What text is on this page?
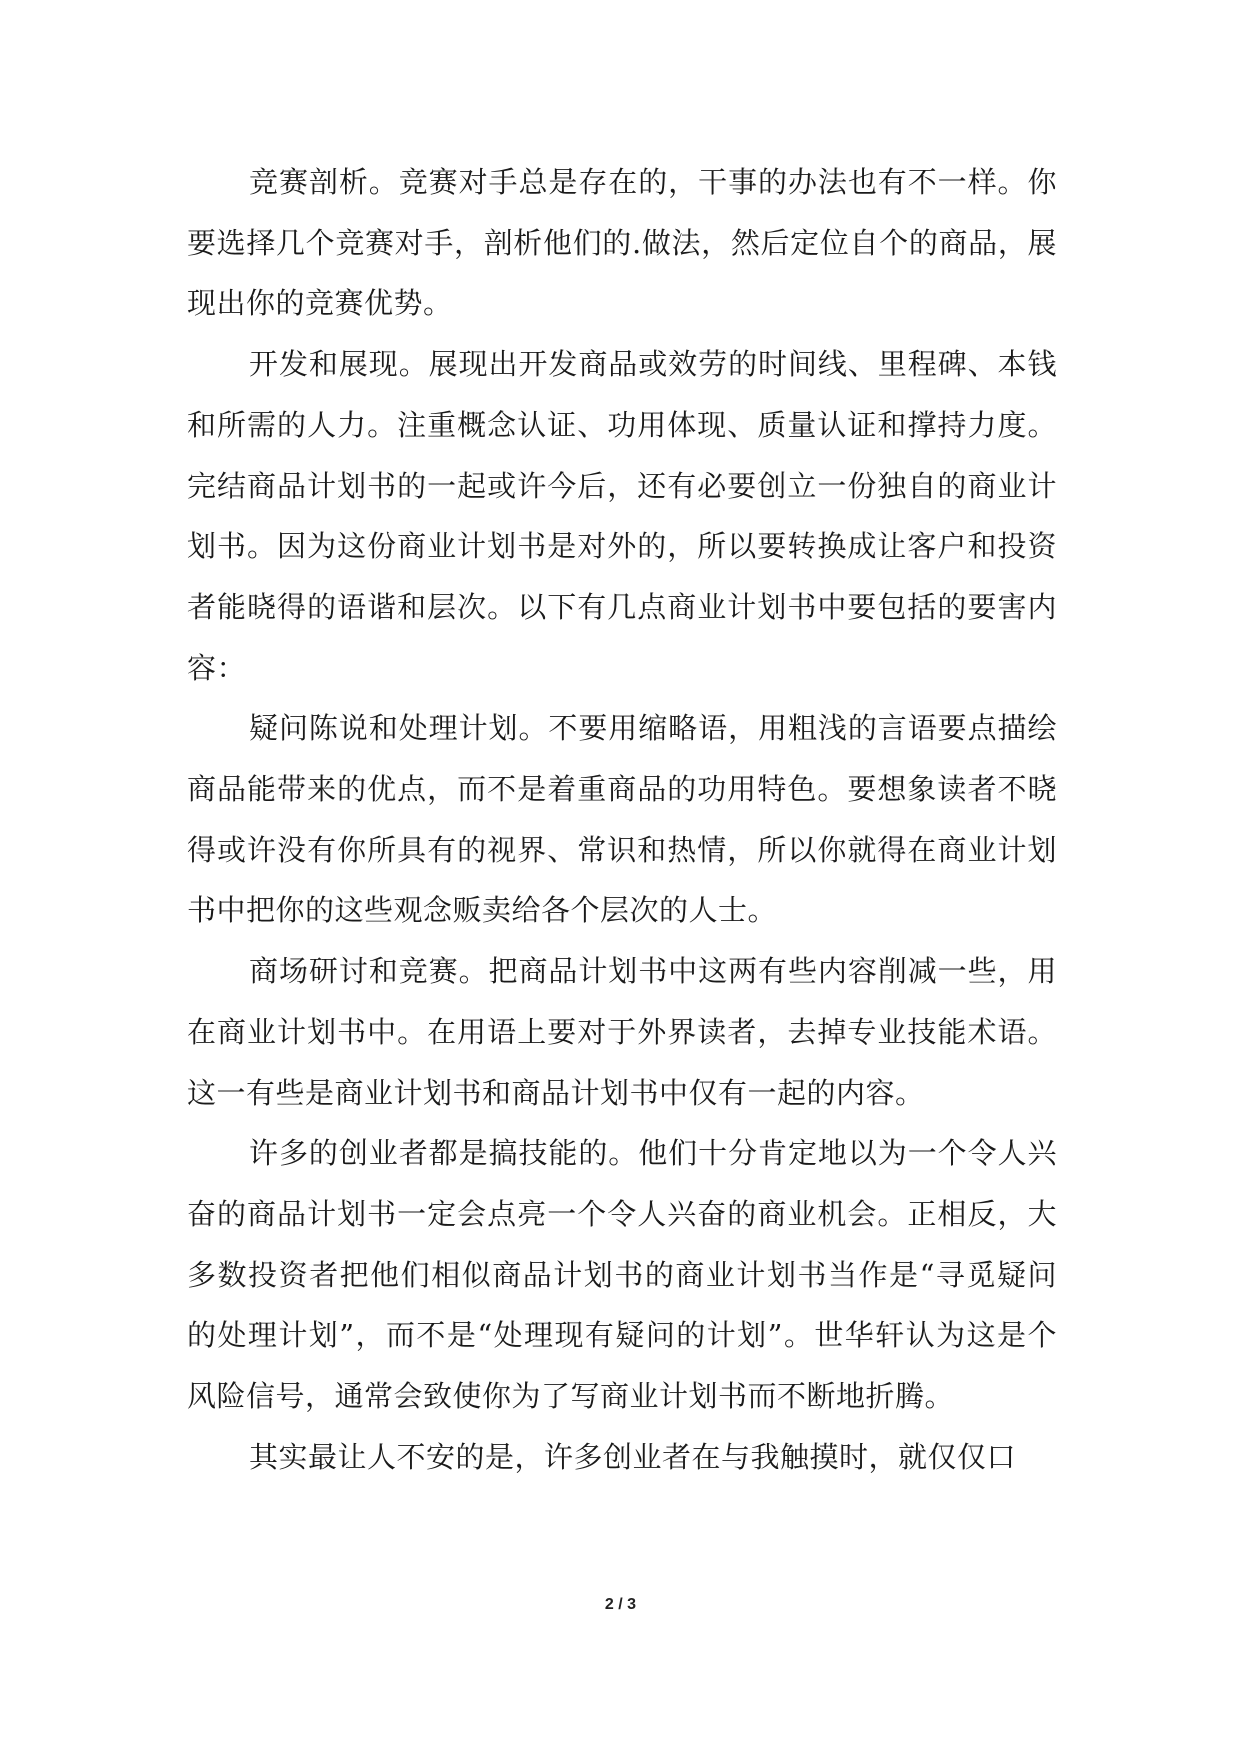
竞赛剖析。竞赛对手总是存在的，干事的办法也有不一样。你要选择几个竞赛对手，剖析他们的.做法，然后定位自个的商品，展现出你的竞赛优势。

开发和展现。展现出开发商品或效劳的时间线、里程碑、本钱和所需的人力。注重概念认证、功用体现、质量认证和撑持力度。完结商品计划书的一起或许今后，还有必要创立一份独自的商业计划书。因为这份商业计划书是对外的，所以要转换成让客户和投资者能晓得的语谐和层次。以下有几点商业计划书中要包括的要害内容：

疑问陈说和处理计划。不要用缩略语，用粗浅的言语要点描绘商品能带来的优点，而不是着重商品的功用特色。要想象读者不晓得或许没有你所具有的视界、常识和热情，所以你就得在商业计划书中把你的这些观念贩卖给各个层次的人士。

商场研讨和竞赛。把商品计划书中这两有些内容削减一些，用在商业计划书中。在用语上要对于外界读者，去掉专业技能术语。这一有些是商业计划书和商品计划书中仅有一起的内容。

许多的创业者都是搞技能的。他们十分肯定地以为一个令人兴奋的商品计划书一定会点亮一个令人兴奋的商业机会。正相反，大多数投资者把他们相似商品计划书的商业计划书当作是“寻觅疑问的处理计划”，而不是“处理现有疑问的计划”。世华轩认为这是个风险信号，通常会致使你为了写商业计划书而不断地折腾。

其实最让人不安的是，许多创业者在与我触摸时，就仅仅口

2 / 3
